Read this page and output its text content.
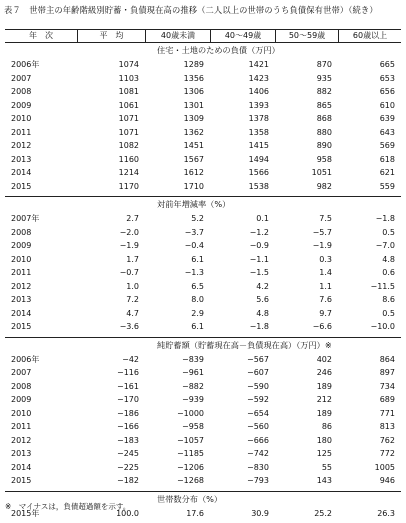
表７　世帯主の年齢階級別貯蓄・負債現在高の推移（二人以上の世帯のうち負債保有世帯）（続き）
年　次	平　均	40歳未満	40～49歳	50～59歳	60歳以上
住宅・土地のための負債（万円）
2006年	1074	1289	1421	870	665
2007	1103	1356	1423	935	653
2008	1081	1306	1406	882	656
2009	1061	1301	1393	865	610
2010	1071	1309	1378	868	639
2011	1071	1362	1358	880	643
2012	1082	1451	1415	890	569
2013	1160	1567	1494	958	618
2014	1214	1612	1566	1051	621
2015	1170	1710	1538	982	559
対前年増減率（%）
2007年	2.7	5.2	0.1	7.5	−1.8
2008	−2.0	−3.7	−1.2	−5.7	0.5
2009	−1.9	−0.4	−0.9	−1.9	−7.0
2010	1.7	6.1	−1.1	0.3	4.8
2011	−0.7	−1.3	−1.5	1.4	0.6
2012	1.0	6.5	4.2	1.1	−11.5
2013	7.2	8.0	5.6	7.6	8.6
2014	4.7	2.9	4.8	9.7	0.5
2015	−3.6	6.1	−1.8	−6.6	−10.0
純貯蓄額（貯蓄現在高－負債現在高）（万円）※
2006年	−42	−839	−567	402	864
2007	−116	−961	−607	246	897
2008	−161	−882	−590	189	734
2009	−170	−939	−592	212	689
2010	−186	−1000	−654	189	771
2011	−166	−958	−560	86	813
2012	−183	−1057	−666	180	762
2013	−245	−1185	−742	125	772
2014	−225	−1206	−830	55	1005
2015	−182	−1268	−793	143	946
世帯数分布（%）
2015年	100.0	17.6	30.9	25.2	26.3
※　マイナスは，負債超過額を示す。
